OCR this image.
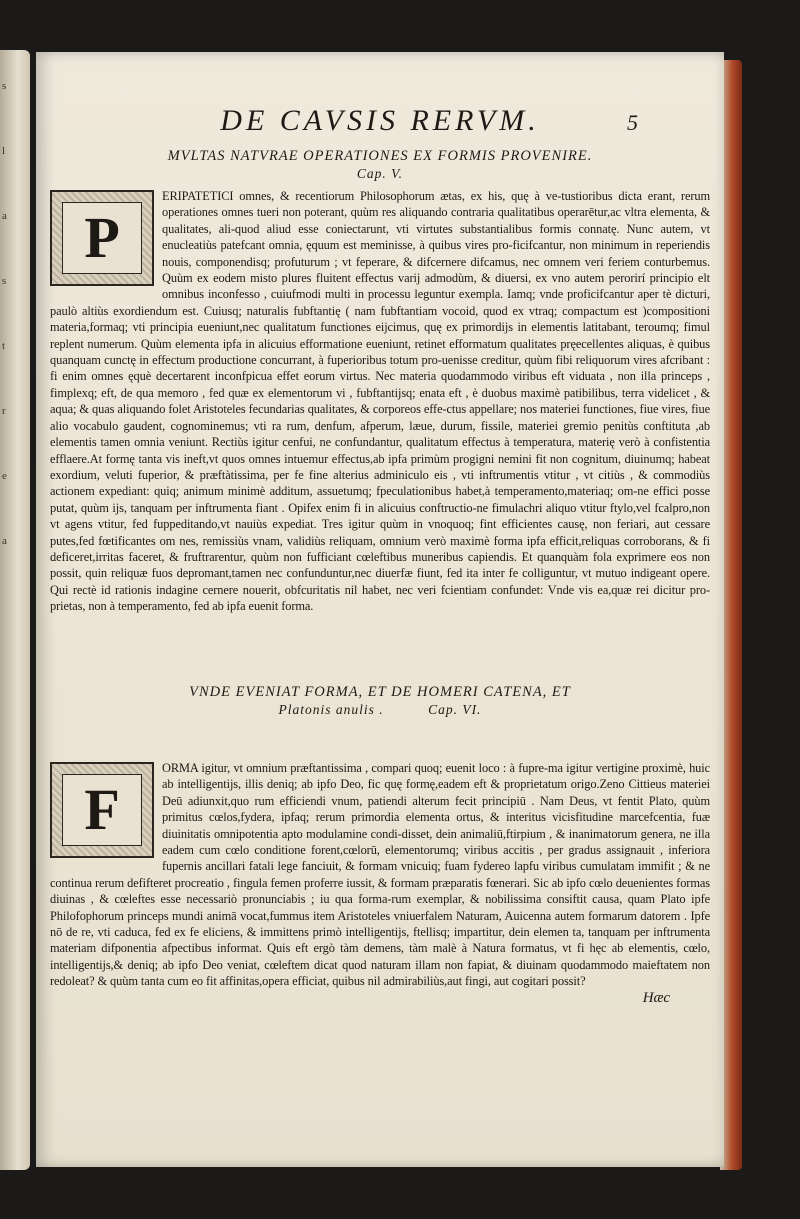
s
l
a
s
t
r
e
a
DE CAVSIS RERVM.	5
MVLTAS NATVRAE OPERATIONES EX FORMIS PROVENIRE.
Cap. V.
P
ERIPATETICI omnes, & recentiorum Philosophorum ætas, ex his, quę à ve-tustioribus dicta erant, rerum operationes omnes tueri non poterant, quùm res aliquando contraria qualitatibus operarētur,ac vltra elementa, & qualitates, ali-quod aliud esse coniectarunt, vti virtutes substantialibus formis connatę. Nunc autem, vt enucleatiùs patefcant omnia, ęquum est meminisse, à quibus vires pro-ficifcantur, non minimum in reperiendis nouis, componendisq; profuturum ; vt feperare, & difcernere difcamus, nec omnem veri feriem conturbemus. Quùm ex eodem misto plures fluitent effectus varij admodùm, & diuersi, ex vno autem perorirí principio elt omnibus inconfesso , cuiufmodi multi in processu leguntur exempla. Iamq; vnde proficifcantur aper tè dicturi, paulò altiùs exordiendum est. Cuiusq; naturalis fubftantię ( nam fubftantiam vocoid, quod ex vtraq; compactum est )compositioni materia,formaq; vti principia eueniunt,nec qualitatum functiones eijcimus, quę ex primordijs in elementis latitabant, teroumq; fimul replent numerum. Quùm elementa ipfa in alicuius efformatione eueniunt, retinet efformatum qualitates pręecellentes aliquas, è quibus quanquam cunctę in effectum productione concurrant, à fuperioribus totum pro-uenisse creditur, quùm fibi reliquorum vires afcribant : fi enim omnes ęquè decertarent inconfpicua effet eorum virtus. Nec materia quodammodo viribus eft viduata , non illa princeps , fimplexq; eft, de qua memoro , fed quæ ex elementorum vi , fubftantijsq; enata eft , è duobus maximè patibilibus, terra videlicet , & aqua; & quas aliquando folet Aristoteles fecundarias qualitates, & corporeos effe-ctus appellare; nos materiei functiones, fiue vires, fiue alio vocabulo gaudent, cognominemus; vti ra rum, denfum, afperum, læue, durum, fissile, materiei gremio penitùs conftituta ,ab elementis tamen omnia veniunt. Rectiùs igitur cenfui, ne confundantur, qualitatum effectus à temperatura, materię verò à confistentia efflaere.At formę tanta vis ineft,vt quos omnes intuemur effectus,ab ipfa primùm progigni nemini fit non cognitum, diuinumq; habeat exordium, veluti fuperior, & præftàtissima, per fe fine alterius adminiculo eis , vti inftrumentis vtitur , vt citiùs , & commodiùs actionem expediant: quiq; animum minimè additum, assuetumq; fpeculationibus habet,à temperamento,materiaq; om-ne effici posse putat, quùm ijs, tanquam per inftrumenta fiant . Opifex enim fi in alicuius conftructio-ne fimulachri aliquo vtitur ftylo,vel fcalpro,non vt agens vtitur, fed fuppeditando,vt nauiùs expediat. Tres igitur quùm in vnoquoq; fint efficientes causę, non feriari, aut cessare putes,fed fœtificantes om nes, remissiùs vnam, validiùs reliquam, omnium verò maximè forma ipfa efficit,reliquas corroborans, & fi deficeret,irritas faceret, & fruftrarentur, quùm non fufficiant cœleftibus muneribus capiendis. Et quanquàm fola exprimere eos non possit, quin reliquæ fuos depromant,tamen nec confunduntur,nec diuerfæ fiunt, fed ita inter fe colliguntur, vt mutuo indigeant opere. Qui rectè id rationis indagine cernere nouerit, obfcuritatis nil habet, nec veri fcientiam confundet: Vnde vis ea,quæ rei dicitur pro-prietas, non à temperamento, fed ab ipfa euenit forma.
VNDE EVENIAT FORMA, ET DE HOMERI CATENA, ET
Platonis anulis .	Cap. VI.
F
ORMA igitur, vt omnium præftantissima , compari quoq; euenit loco : à fupre-ma igitur vertigine proximè, huic ab intelligentijs, illis deniq; ab ipfo Deo, fic quę formę,eadem eft & proprietatum origo.Zeno Cittieus materiei Deū adiunxit,quo rum efficiendi vnum, patiendi alterum fecit principiū . Nam Deus, vt fentit Plato, quùm primitus cœlos,fydera, ipfaq; rerum primordia elementa ortus, & interitus vicisfitudine marcefcentia, fuæ diuinitatis omnipotentia apto modulamine condi-disset, dein animaliū,ftirpium , & inanimatorum genera, ne illa eadem cum cœlo conditione forent,cœlorū, elementorumq; viribus accitis , per gradus assignauit , inferiora fupernis ancillari fatali lege fanciuit, & formam vnicuiq; fuam fydereo lapfu viribus cumulatam immifit ; & ne continua rerum defifteret procreatio , fingula femen proferre iussit, & formam præparatis fœnerari. Sic ab ipfo cœlo deuenientes formas diuinas , & cœleftes esse necessariò pronunciabis ; iu qua forma-rum exemplar, & nobilissima consiftit causa, quam Plato ipfe Philofophorum princeps mundi animā vocat,fummus item Aristoteles vniuerfalem Naturam, Auicenna autem formarum datorem . Ipfe nō de re, vti caduca, fed ex fe eliciens, & immittens primò intelligentijs, ftellisq; impartitur, dein elemen ta, tanquam per inftrumenta materiam difponentia afpectibus informat. Quis eft ergò tàm demens, tàm malè à Natura formatus, vt fi hęc ab elementis, cœlo, intelligentijs,& deniq; ab ipfo Deo veniat, cœleftem dicat quod naturam illam non fapiat, & diuinam quodammodo maieftatem non redoleat? & quùm tanta cum eo fit affinitas,opera efficiat, quibus nil admirabiliùs,aut fingi, aut cogitari possit?
Hæc
